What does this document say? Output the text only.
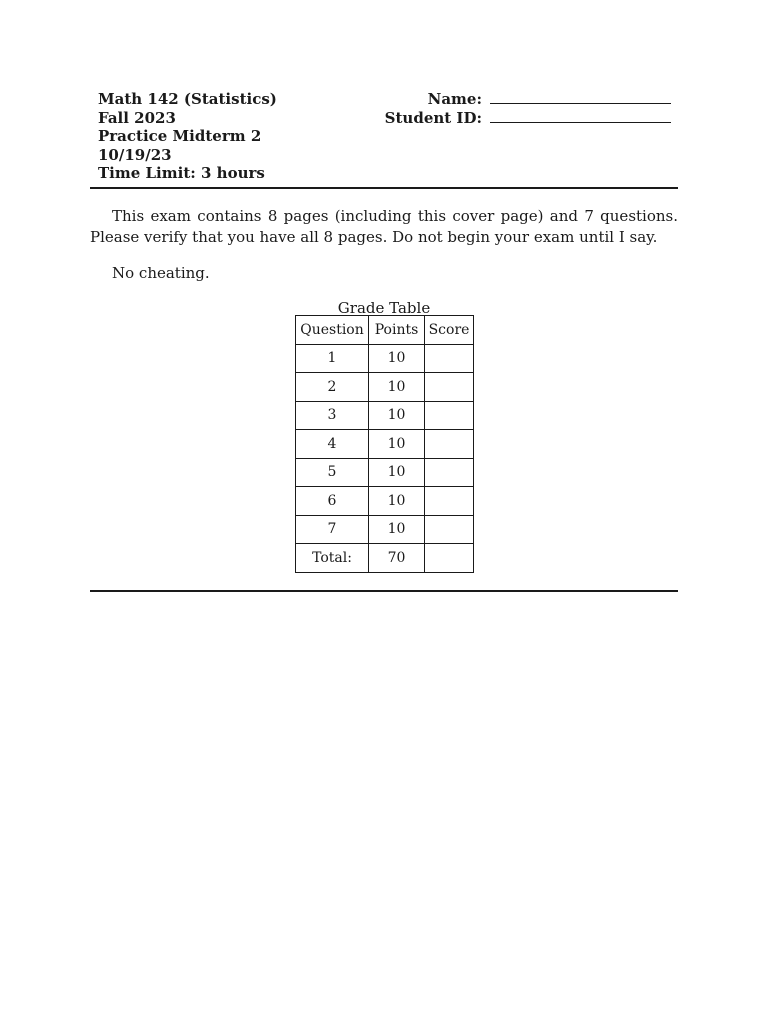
Math 142 (Statistics)
Fall 2023
Practice Midterm 2
10/19/23
Time Limit: 3 hours
Name:
Student ID:

This exam contains 8 pages (including this cover page) and 7 questions. Please verify that you have all 8 pages. Do not begin your exam until I say.

No cheating.

Grade Table
Question	Points	Score
1	10	
2	10	
3	10	
4	10	
5	10	
6	10	
7	10	
Total:	70	
